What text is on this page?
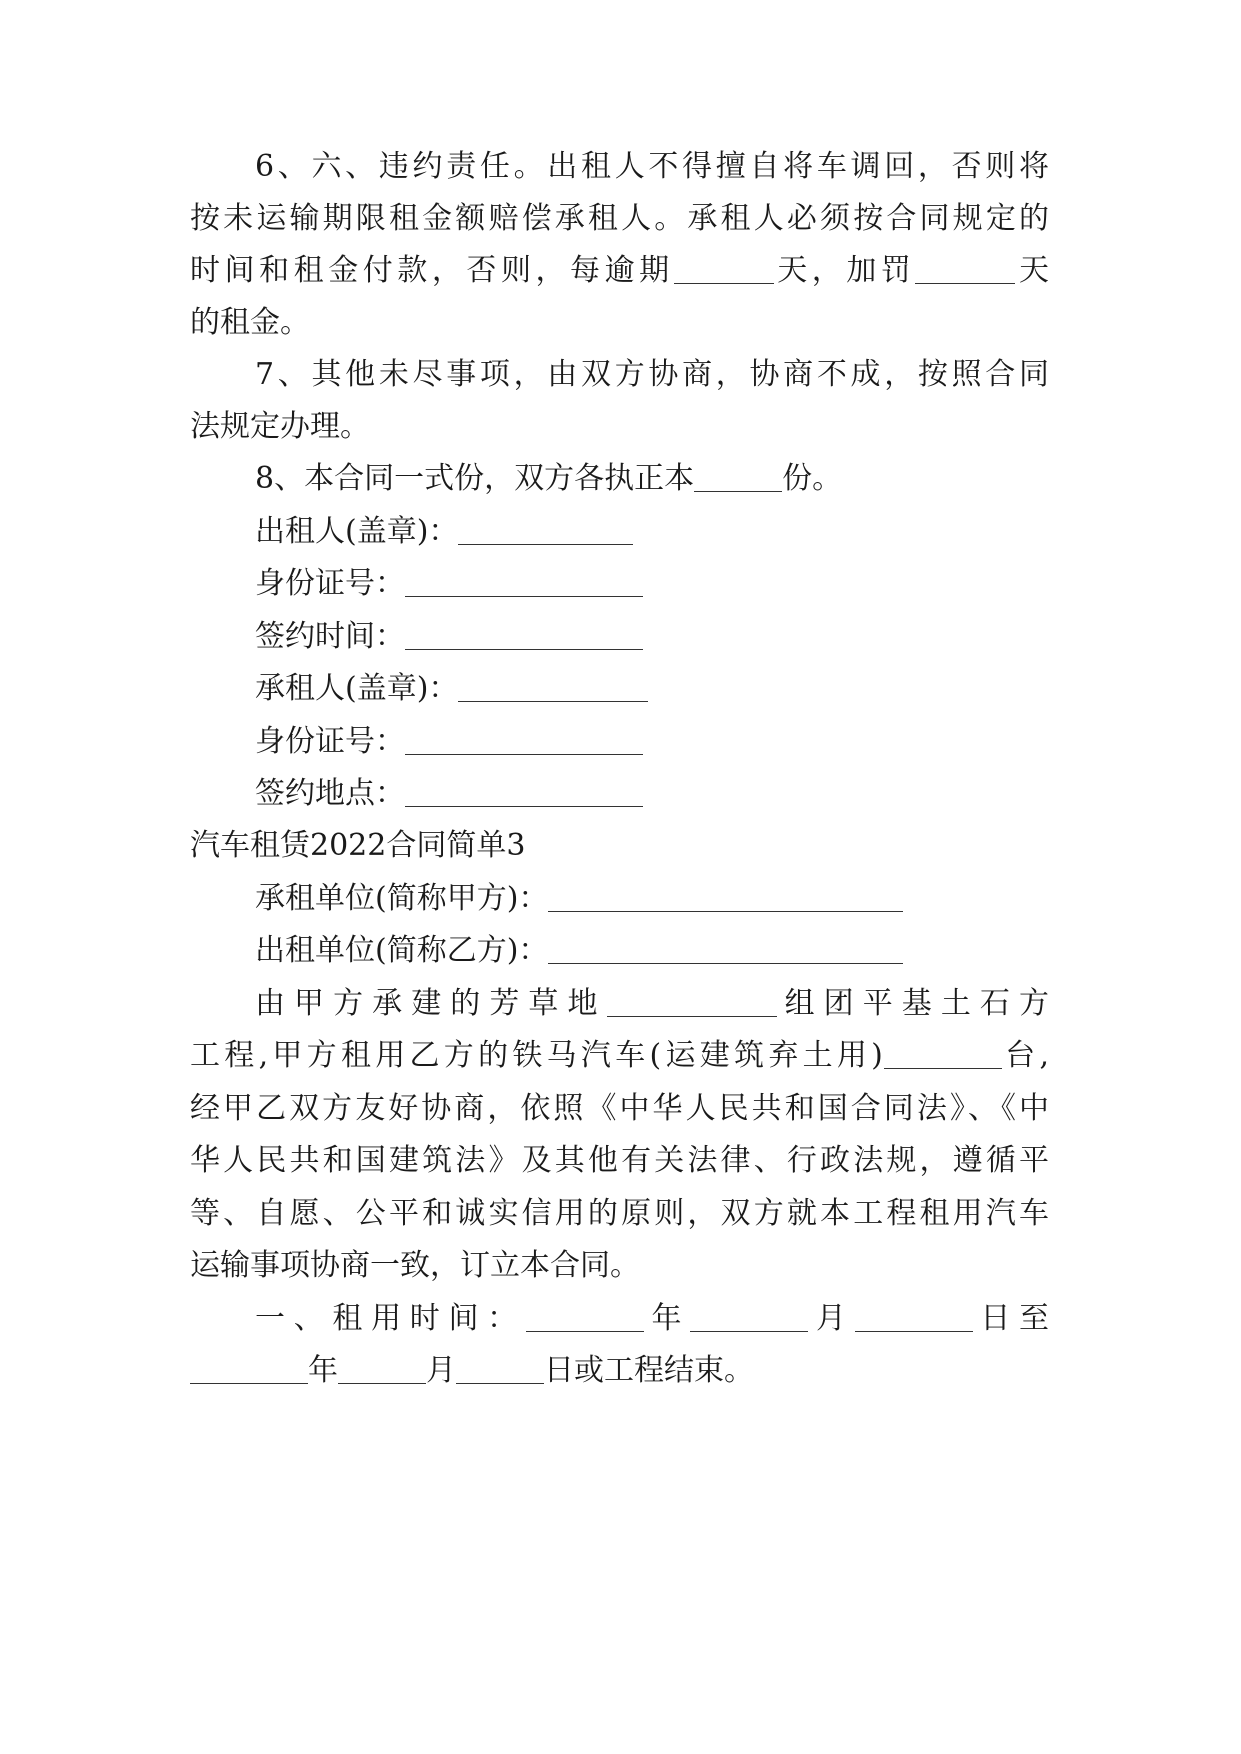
6、六、违约责任。出租人不得擅自将车调回，否则将
按未运输期限租金额赔偿承租人。承租人必须按合同规定的
时间和租金付款，否则，每逾期	天，加罚	天
的租金。
7、其他未尽事项，由双方协商，协商不成，按照合同
法规定办理。
8、本合同一式份，双方各执正本	份。
出租人(盖章)：
身份证号：
签约时间：
承租人(盖章)：
身份证号：
签约地点：
汽车租赁2022合同简单3
承租单位(简称甲方)：
出租单位(简称乙方)：
由甲方承建的芳草地	组团平基土石方
工程,甲方租用乙方的铁马汽车(运建筑弃土用)	台,
经甲乙双方友好协商，依照《中华人民共和国合同法》、《中
华人民共和国建筑法》及其他有关法律、行政法规，遵循平
等、自愿、公平和诚实信用的原则，双方就本工程租用汽车
运输事项协商一致，订立本合同。
一、租用时间：	年	月	日至
年	月	日或工程结束。
